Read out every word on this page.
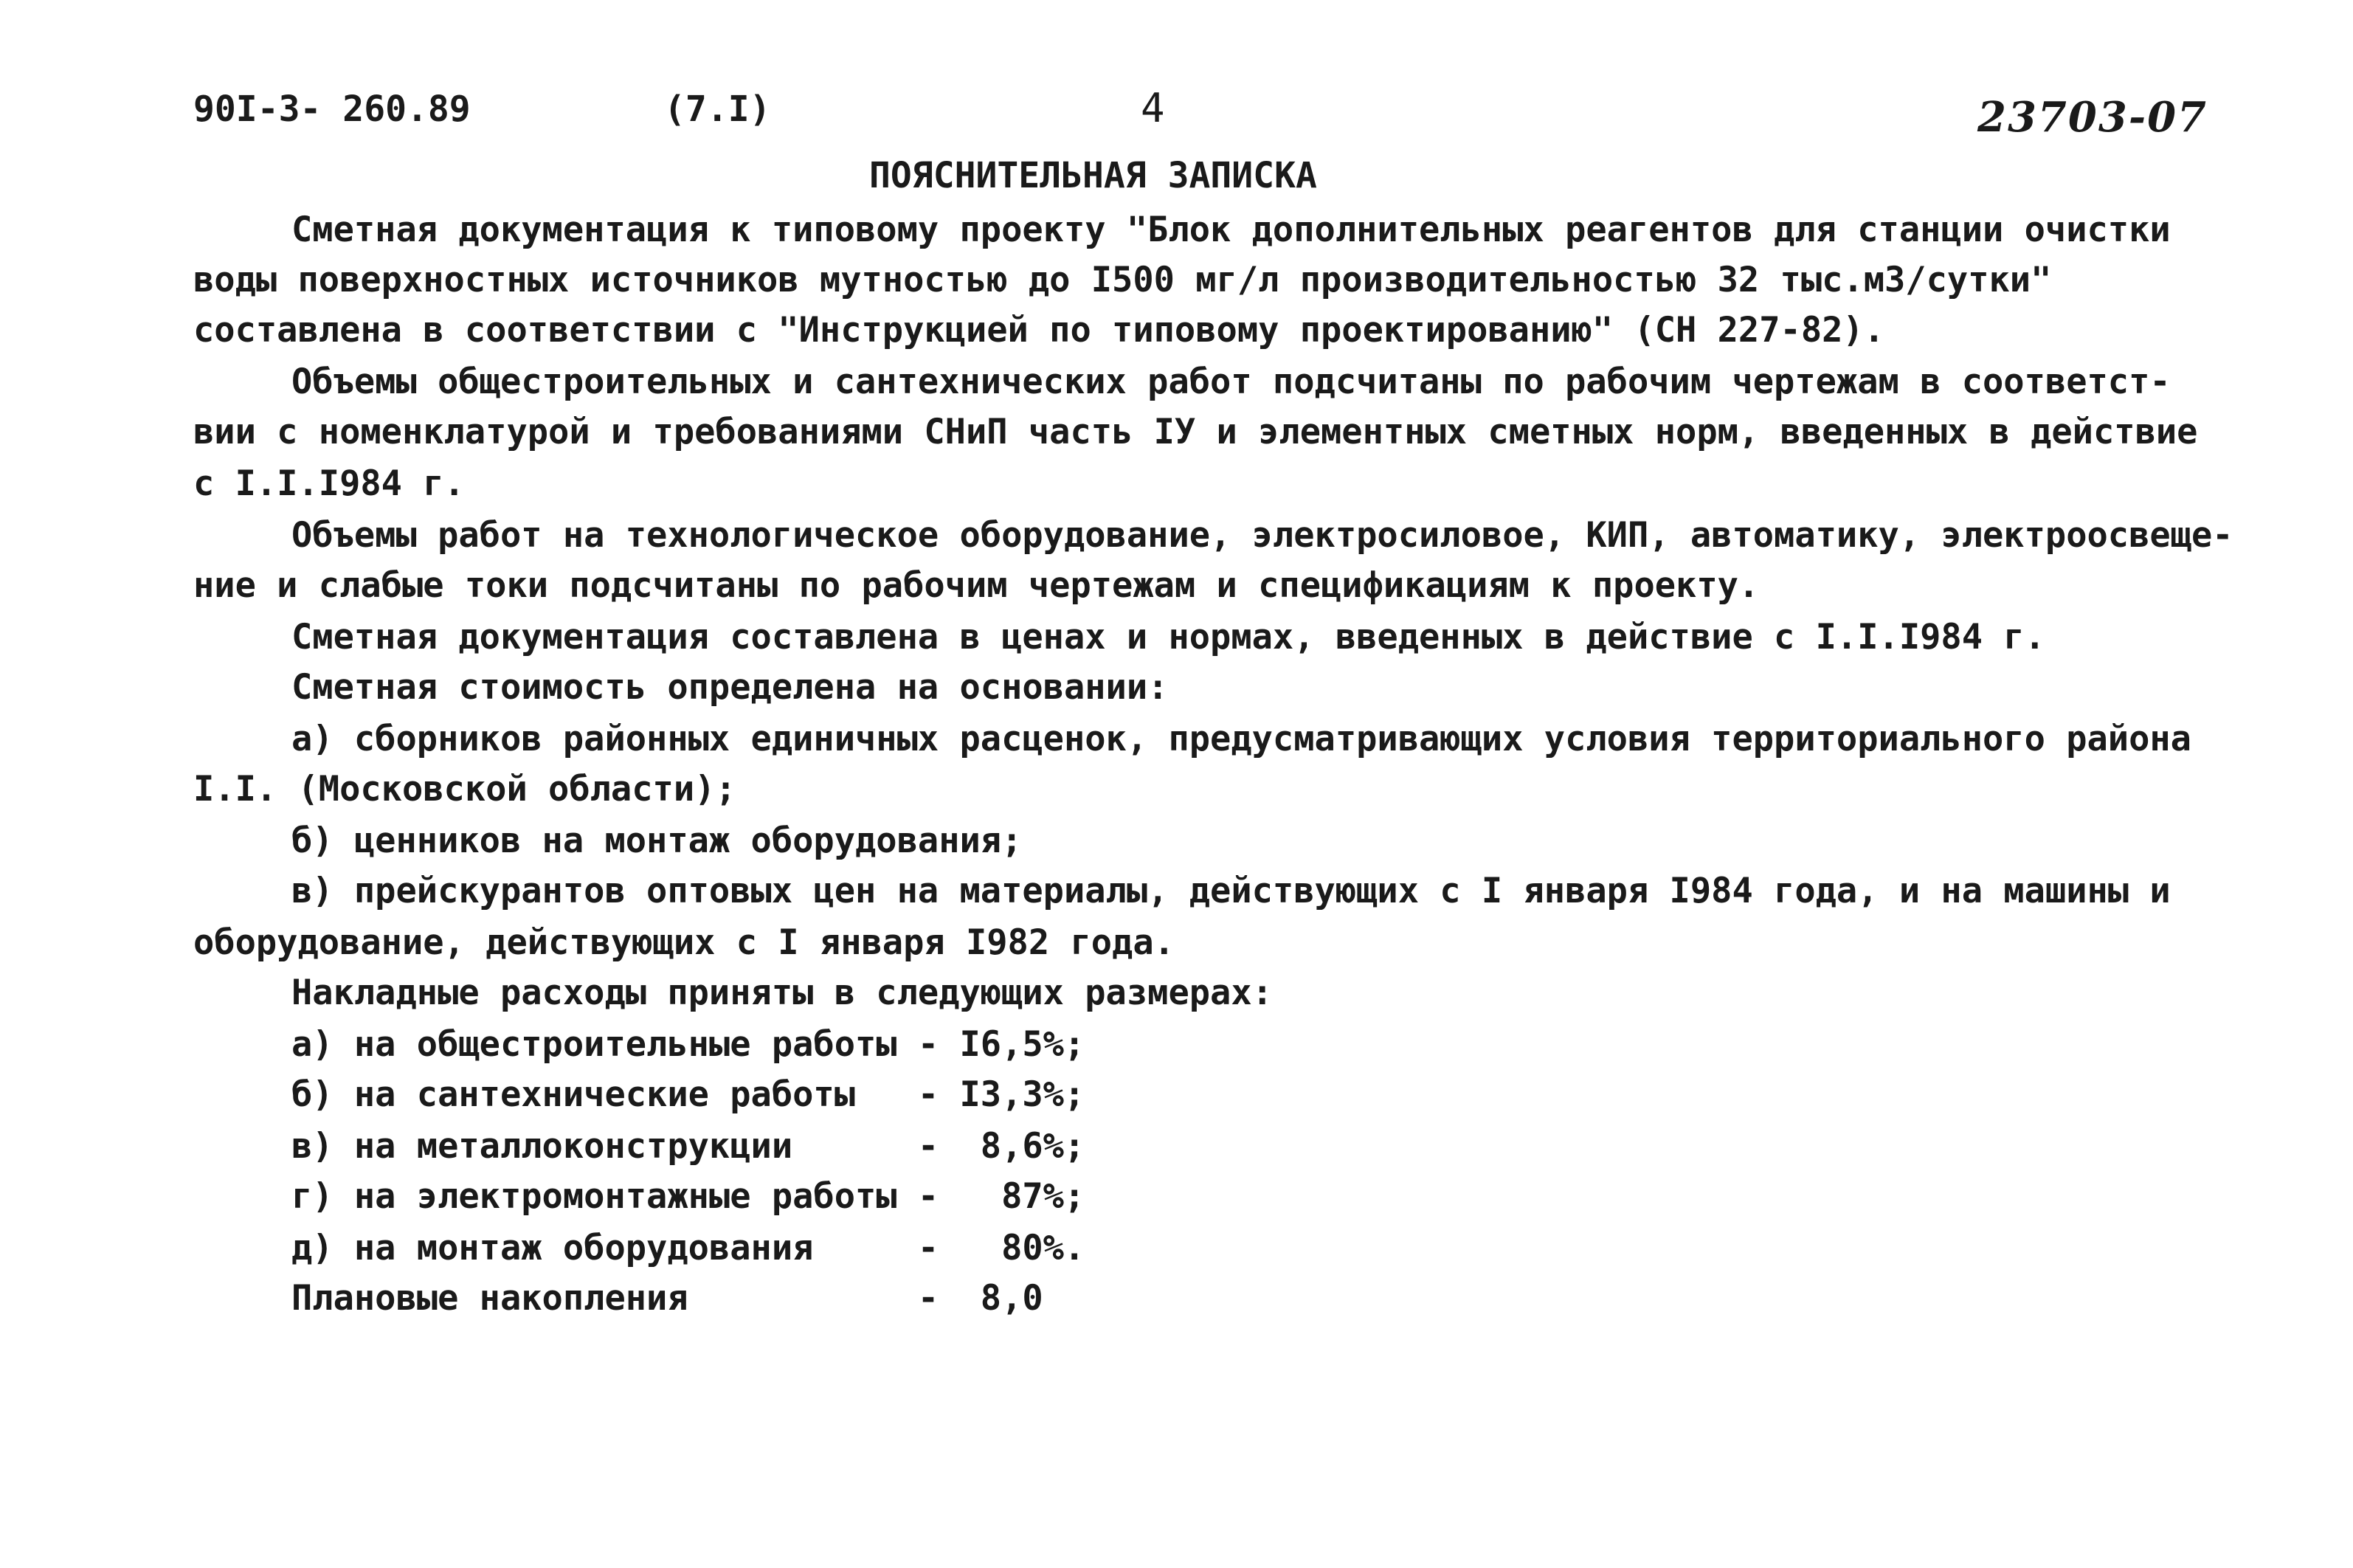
90I-3- 260.89	(7.I)	4	23703-07
ПОЯСНИТЕЛЬНАЯ ЗАПИСКА
Сметная документация к типовому проекту "Блок дополнительных реагентов для станции очистки
воды поверхностных источников мутностью до I500 мг/л производительностью 32 тыс.м3/сутки"
составлена в соответствии с "Инструкцией по типовому проектированию" (СН 227-82).
Объемы общестроительных и сантехнических работ подсчитаны по рабочим чертежам в соответст-
вии с номенклатурой и требованиями СНиП часть IУ и элементных сметных норм, введенных в действие
с I.I.I984 г.
Объемы работ на технологическое оборудование, электросиловое, КИП, автоматику, электроосвеще-
ние и слабые токи подсчитаны по рабочим чертежам и спецификациям к проекту.
Сметная документация составлена в ценах и нормах, введенных в действие с I.I.I984 г.
Сметная стоимость определена на основании:
а) сборников районных единичных расценок, предусматривающих условия территориального района
I.I. (Московской области);
б) ценников на монтаж оборудования;
в) прейскурантов оптовых цен на материалы, действующих с I января I984 года, и на машины и
оборудование, действующих с I января I982 года.
Накладные расходы приняты в следующих размерах:
а) на общестроительные работы - I6,5%;
б) на сантехнические работы   - I3,3%;
в) на металлоконструкции      -  8,6%;
г) на электромонтажные работы -   87%;
д) на монтаж оборудования     -   80%.
Плановые накопления           -  8,0
